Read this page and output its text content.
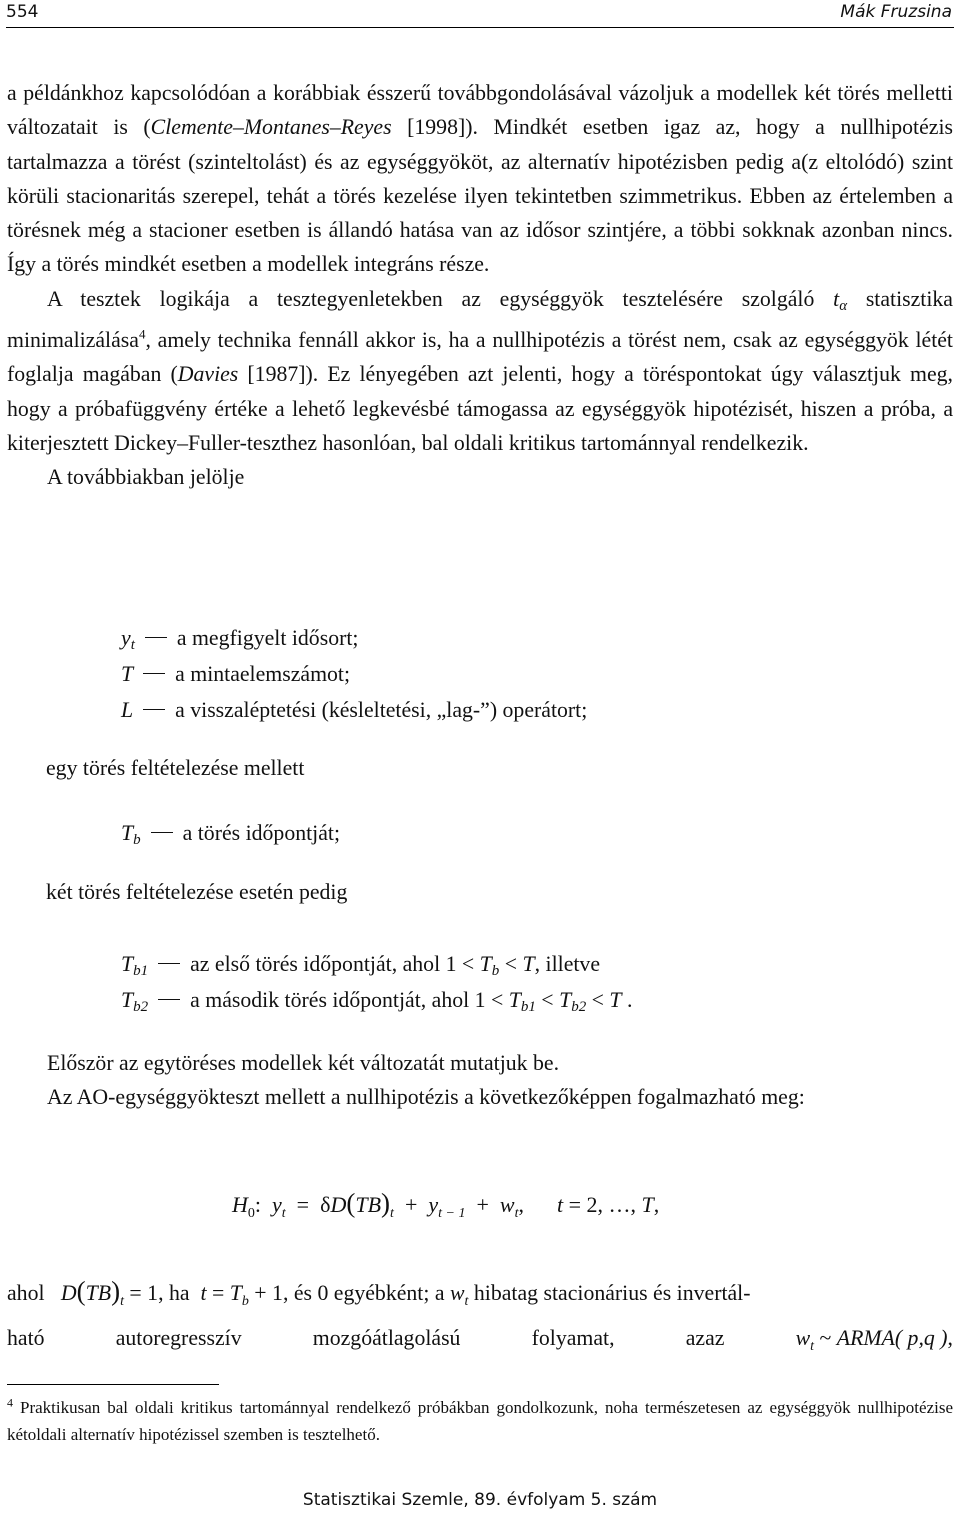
554	Mák Fruzsina

a példánkhoz kapcsolódóan a korábbiak ésszerű továbbgondolásával vázoljuk a modellek két törés melletti változatait is (Clemente–Montanes–Reyes [1998]). Mindkét esetben igaz az, hogy a nullhipotézis tartalmazza a törést (szinteltolást) és az egységgyököt, az alternatív hipotézisben pedig a(z eltolódó) szint körüli stacionaritás szerepel, tehát a törés kezelése ilyen tekintetben szimmetrikus. Ebben az értelemben a törésnek még a stacioner esetben is állandó hatása van az idősor szintjére, a többi sokknak azonban nincs. Így a törés mindkét esetben a modellek integráns része.

A tesztek logikája a tesztegyenletekben az egységgyök tesztelésére szolgáló tα statisztika minimalizálása$^4$, amely technika fennáll akkor is, ha a nullhipotézis a törést nem, csak az egységgyök létét foglalja magában (Davies [1987]). Ez lényegében azt jelenti, hogy a töréspontokat úgy választjuk meg, hogy a próbafüggvény értéke a lehető legkevésbé támogassa az egységgyök hipotézisét, hiszen a próba, a kiterjesztett Dickey–Fuller-teszthez hasonlóan, bal oldali kritikus tartománnyal rendelkezik.

A továbbiakban jelölje

$y_t$ a megfigyelt idősort;
T a mintaelemszámot;
L a visszaléptetési (késleltetési, „lag-”) operátort;
egy törés feltételezése mellett
$T_b$ a törés időpontját;
két törés feltételezése esetén pedig
$T_{b1}$ az első törés időpontját, ahol $1 < T_b < T$, illetve
$T_{b2}$ a második törés időpontját, ahol $1 < T_{b1} < T_{b2} < T$ .

Először az egytöréses modellek két változatát mutatjuk be.

Az AO-egységgyökteszt mellett a nullhipotézis a következőképpen fogalmazható meg:

$H_0$: $y_t = \delta D(TB)_t + y_{t - 1} + w_t$, t = 2, …, T,
ahol $D(TB)_t = 1$, ha $t = T_b + 1$, és 0 egyébként; a $w_t$ hibatag stacionárius és invertál-
ható	autoregresszív	mozgóátlagolású	folyamat,	azaz	$w_t$ ~ ARMA( p,q ),
$^4$ Praktikusan bal oldali kritikus tartománnyal rendelkező próbákban gondolkozunk, noha természetesen az egységgyök nullhipotézise kétoldali alternatív hipotézissel szemben is tesztelhető.
Statisztikai Szemle, 89. évfolyam 5. szám
